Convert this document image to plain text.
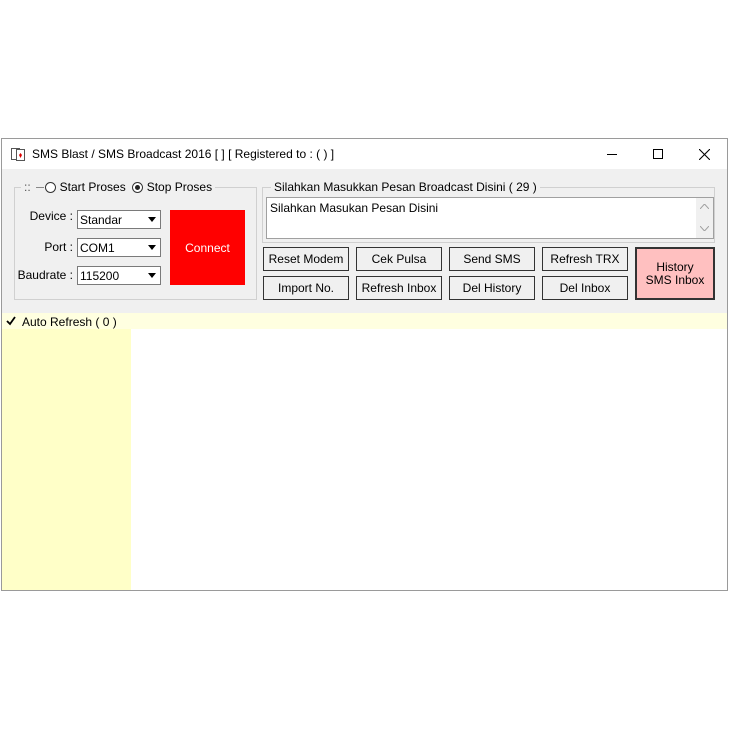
SMS Blast / SMS Broadcast 2016 [ ] [ Registered to : ( ) ]
:: Start Proses Stop Proses
Device : Standar
Port : COM1
Baudrate : 115200
Connect
Silahkan Masukkan Pesan Broadcast Disini ( 29 )
Silahkan Masukan Pesan Disini
Reset Modem	Cek Pulsa	Send SMS	Refresh TRX
Import No.	Refresh Inbox	Del History	Del Inbox
History SMS Inbox
Auto Refresh ( 0 )
